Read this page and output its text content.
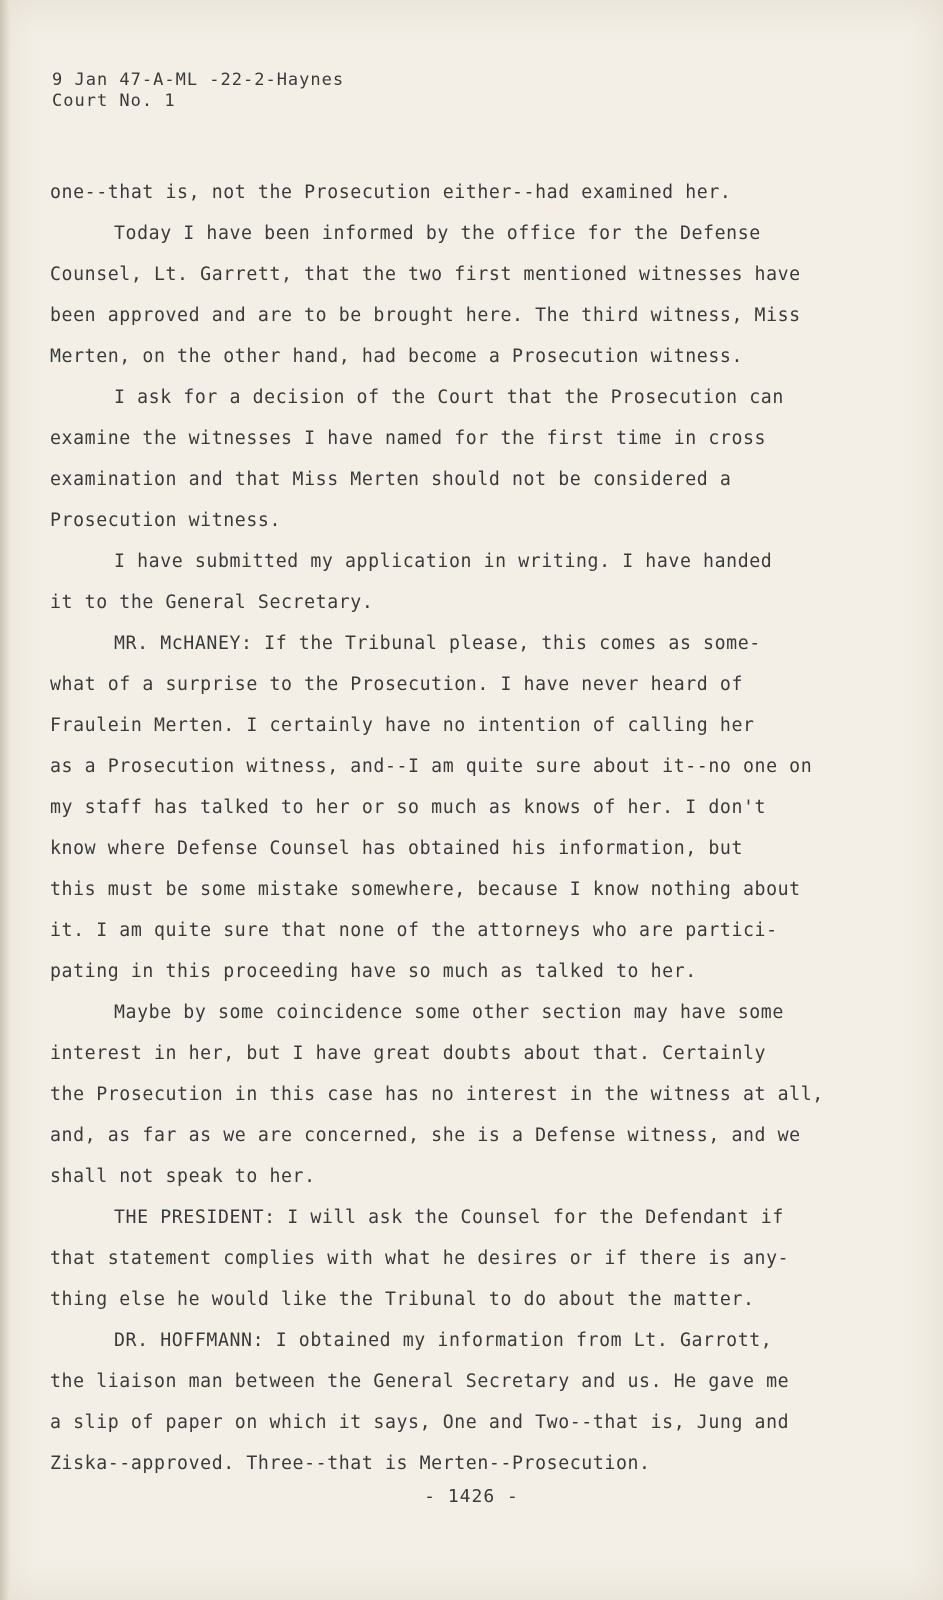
9 Jan 47-A-ML -22-2-Haynes
Court No. 1

one--that is, not the Prosecution either--had examined her.

Today I have been informed by the office for the Defense

Counsel, Lt. Garrett, that the two first mentioned witnesses have

been approved and are to be brought here. The third witness, Miss

Merten, on the other hand, had become a Prosecution witness.

I ask for a decision of the Court that the Prosecution can

examine the witnesses I have named for the first time in cross

examination and that Miss Merten should not be considered a

Prosecution witness.

I have submitted my application in writing. I have handed

it to the General Secretary.

MR. McHANEY: If the Tribunal please, this comes as some-

what of a surprise to the Prosecution. I have never heard of

Fraulein Merten. I certainly have no intention of calling her

as a Prosecution witness, and--I am quite sure about it--no one on

my staff has talked to her or so much as knows of her. I don't

know where Defense Counsel has obtained his information, but

this must be some mistake somewhere, because I know nothing about

it. I am quite sure that none of the attorneys who are partici-

pating in this proceeding have so much as talked to her.

Maybe by some coincidence some other section may have some

interest in her, but I have great doubts about that. Certainly

the Prosecution in this case has no interest in the witness at all,

and, as far as we are concerned, she is a Defense witness, and we

shall not speak to her.

THE PRESIDENT: I will ask the Counsel for the Defendant if

that statement complies with what he desires or if there is any-

thing else he would like the Tribunal to do about the matter.

DR. HOFFMANN: I obtained my information from Lt. Garrott,

the liaison man between the General Secretary and us. He gave me

a slip of paper on which it says, One and Two--that is, Jung and

Ziska--approved. Three--that is Merten--Prosecution.

- 1426 -
